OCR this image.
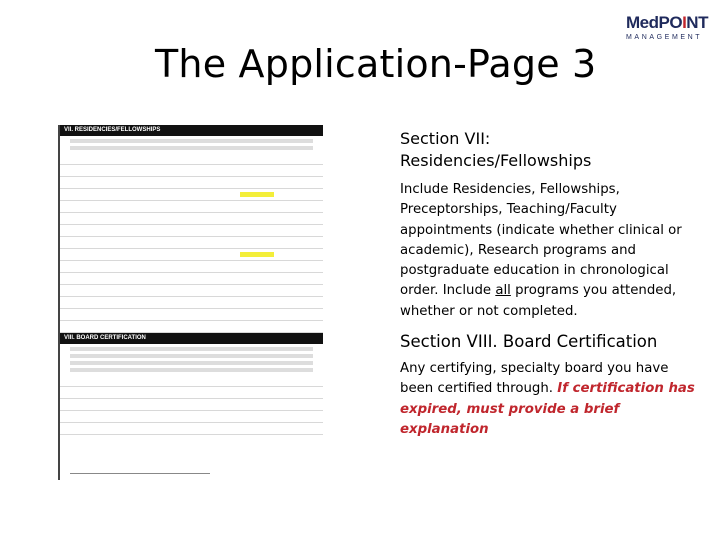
The Application-Page 3
MedPOINT
MANAGEMENT
VII. RESIDENCIES/FELLOWSHIPS
VIII. BOARD CERTIFICATION
Section VII:
Residencies/Fellowships

Include Residencies, Fellowships, Preceptorships, Teaching/Faculty appointments (indicate whether clinical or academic), Research programs and postgraduate education in chronological order. Include all programs you attended, whether or not completed.

Section VIII. Board Certification

Any certifying, specialty board you have been certified through. If certification has expired, must provide a brief explanation
